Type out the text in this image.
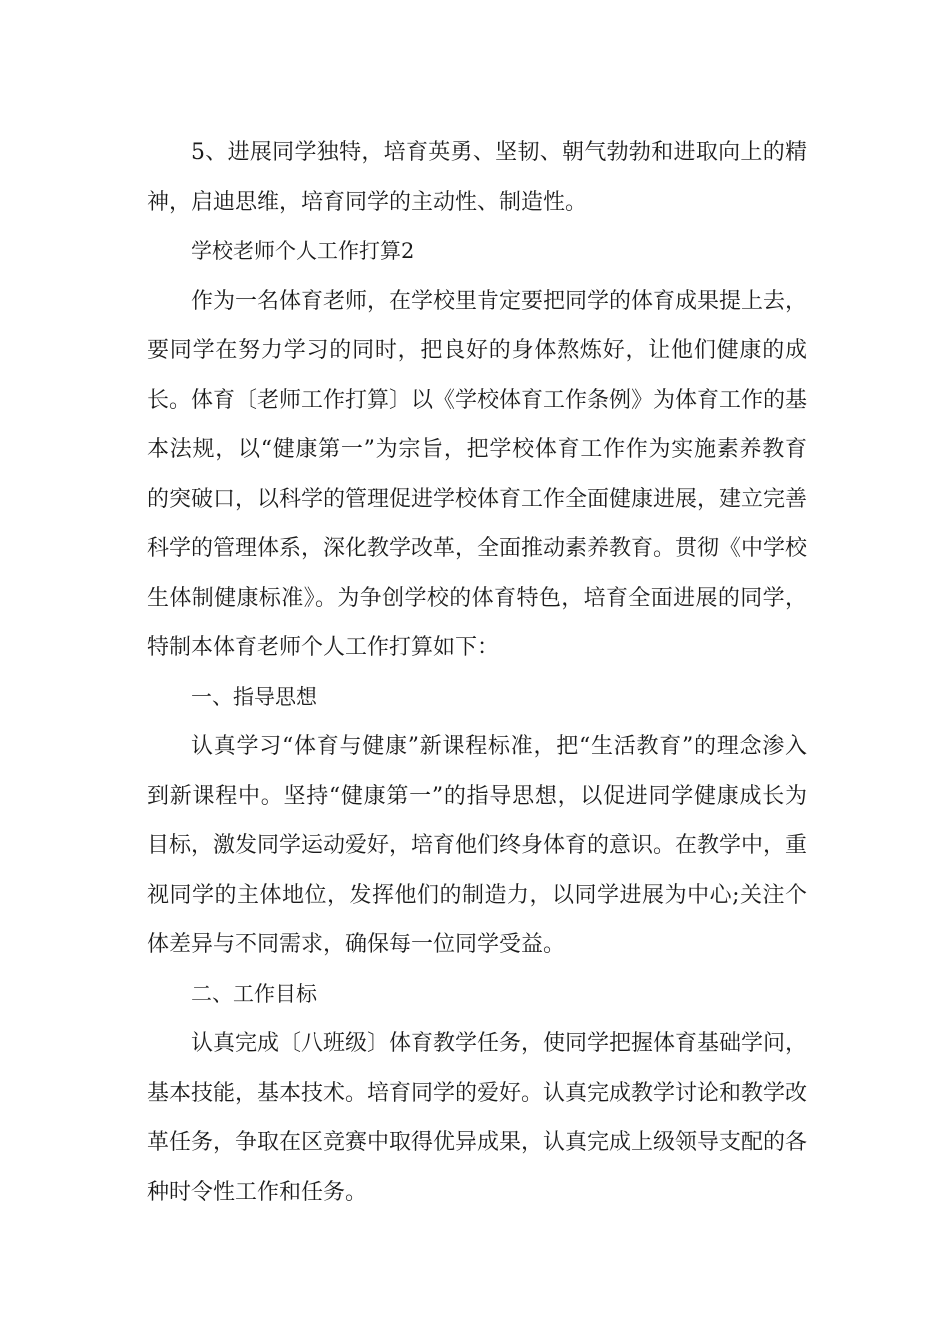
5、进展同学独特，培育英勇、坚韧、朝气勃勃和进取向上的精神，启迪思维，培育同学的主动性、制造性。

学校老师个人工作打算2

作为一名体育老师，在学校里肯定要把同学的体育成果提上去，要同学在努力学习的同时，把良好的身体熬炼好，让他们健康的成长。体育〔老师工作打算〕以《学校体育工作条例》为体育工作的基本法规，以“健康第一”为宗旨，把学校体育工作作为实施素养教育的突破口，以科学的管理促进学校体育工作全面健康进展，建立完善科学的管理体系，深化教学改革，全面推动素养教育。贯彻《中学校生体制健康标准》。为争创学校的体育特色，培育全面进展的同学，特制本体育老师个人工作打算如下：

一、指导思想

认真学习“体育与健康”新课程标准，把“生活教育”的理念渗入到新课程中。坚持“健康第一”的指导思想，以促进同学健康成长为目标，激发同学运动爱好，培育他们终身体育的意识。在教学中，重视同学的主体地位，发挥他们的制造力，以同学进展为中心;关注个体差异与不同需求，确保每一位同学受益。

二、工作目标

认真完成〔八班级〕体育教学任务，使同学把握体育基础学问，基本技能，基本技术。培育同学的爱好。认真完成教学讨论和教学改革任务，争取在区竞赛中取得优异成果，认真完成上级领导支配的各种时令性工作和任务。
